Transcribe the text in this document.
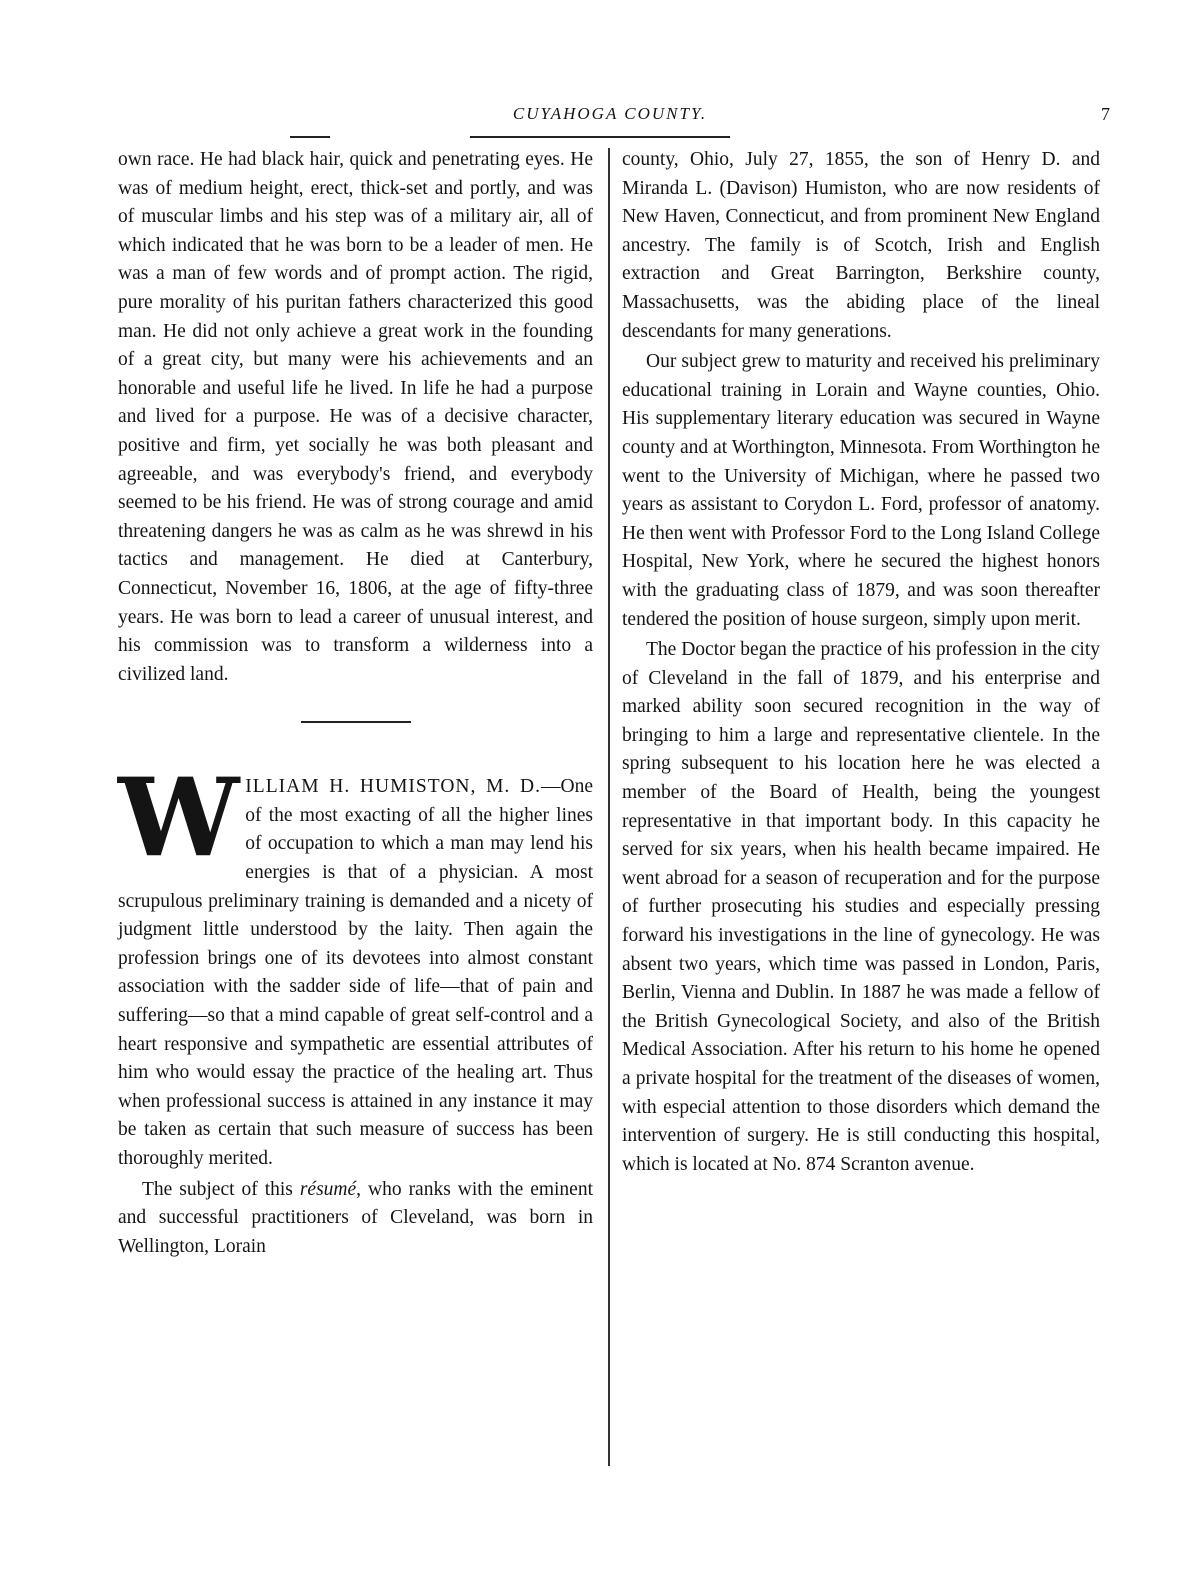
CUYAHOGA COUNTY.	7

own race. He had black hair, quick and penetrating eyes. He was of medium height, erect, thick-set and portly, and was of muscular limbs and his step was of a military air, all of which indicated that he was born to be a leader of men. He was a man of few words and of prompt action. The rigid, pure morality of his puritan fathers characterized this good man. He did not only achieve a great work in the founding of a great city, but many were his achievements and an honorable and useful life he lived. In life he had a purpose and lived for a purpose. He was of a decisive character, positive and firm, yet socially he was both pleasant and agreeable, and was everybody's friend, and everybody seemed to be his friend. He was of strong courage and amid threatening dangers he was as calm as he was shrewd in his tactics and management. He died at Canterbury, Connecticut, November 16, 1806, at the age of fifty-three years. He was born to lead a career of unusual interest, and his commission was to transform a wilderness into a civilized land.

WILLIAM H. HUMISTON, M. D.—One of the most exacting of all the higher lines of occupation to which a man may lend his energies is that of a physician. A most scrupulous preliminary training is demanded and a nicety of judgment little understood by the laity. Then again the profession brings one of its devotees into almost constant association with the sadder side of life—that of pain and suffering—so that a mind capable of great self-control and a heart responsive and sympathetic are essential attributes of him who would essay the practice of the healing art. Thus when professional success is attained in any instance it may be taken as certain that such measure of success has been thoroughly merited.

The subject of this résumé, who ranks with the eminent and successful practitioners of Cleveland, was born in Wellington, Lorain

county, Ohio, July 27, 1855, the son of Henry D. and Miranda L. (Davison) Humiston, who are now residents of New Haven, Connecticut, and from prominent New England ancestry. The family is of Scotch, Irish and English extraction and Great Barrington, Berkshire county, Massachusetts, was the abiding place of the lineal descendants for many generations.

Our subject grew to maturity and received his preliminary educational training in Lorain and Wayne counties, Ohio. His supplementary literary education was secured in Wayne county and at Worthington, Minnesota. From Worthington he went to the University of Michigan, where he passed two years as assistant to Corydon L. Ford, professor of anatomy. He then went with Professor Ford to the Long Island College Hospital, New York, where he secured the highest honors with the graduating class of 1879, and was soon thereafter tendered the position of house surgeon, simply upon merit.

The Doctor began the practice of his profession in the city of Cleveland in the fall of 1879, and his enterprise and marked ability soon secured recognition in the way of bringing to him a large and representative clientele. In the spring subsequent to his location here he was elected a member of the Board of Health, being the youngest representative in that important body. In this capacity he served for six years, when his health became impaired. He went abroad for a season of recuperation and for the purpose of further prosecuting his studies and especially pressing forward his investigations in the line of gynecology. He was absent two years, which time was passed in London, Paris, Berlin, Vienna and Dublin. In 1887 he was made a fellow of the British Gynecological Society, and also of the British Medical Association. After his return to his home he opened a private hospital for the treatment of the diseases of women, with especial attention to those disorders which demand the intervention of surgery. He is still conducting this hospital, which is located at No. 874 Scranton avenue.
